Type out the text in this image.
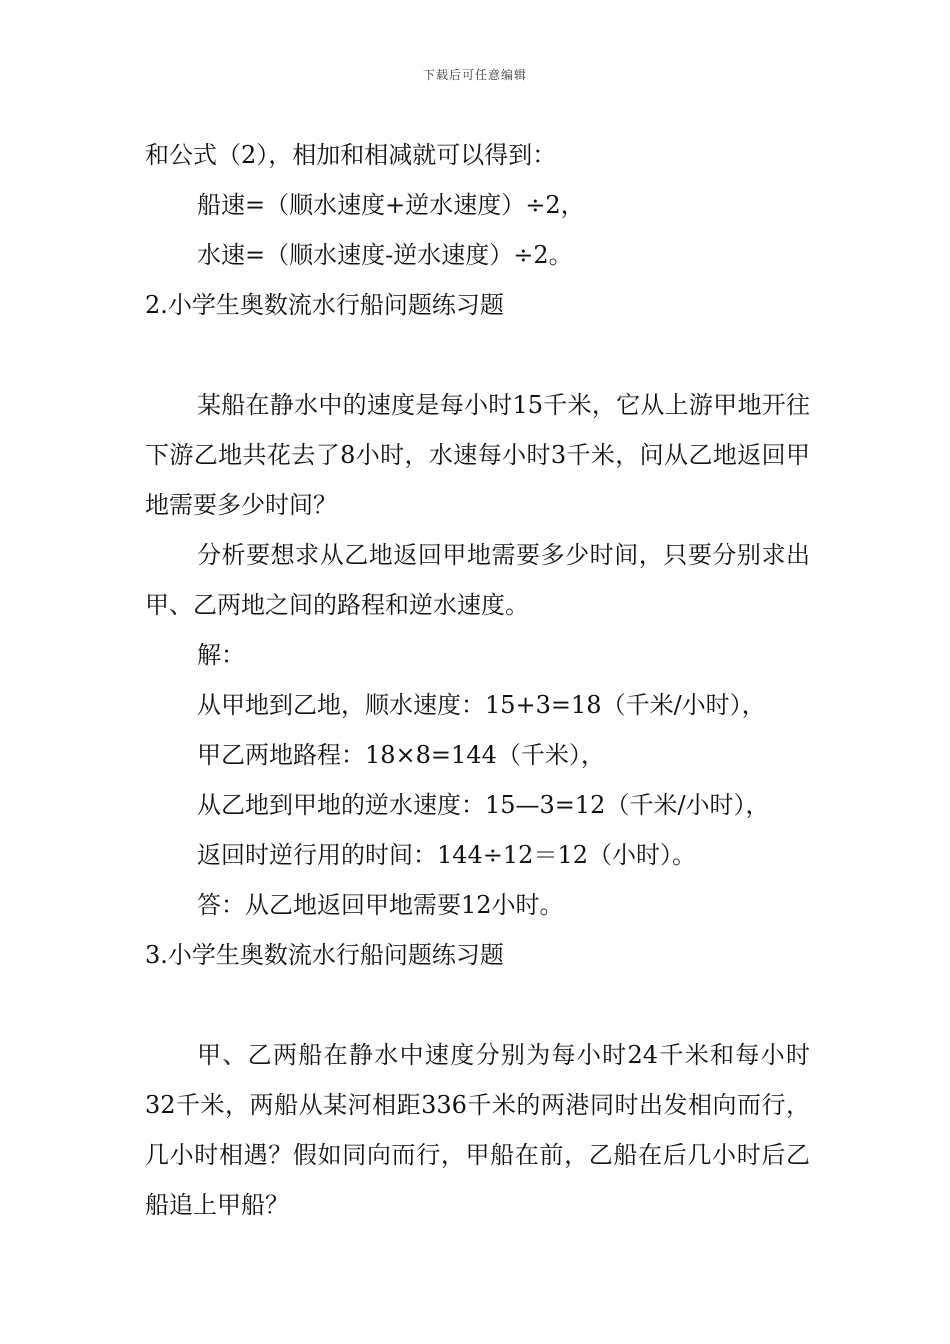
下载后可任意编辑
和公式（2），相加和相减就可以得到：
船速=（顺水速度+逆水速度）÷2，
水速=（顺水速度-逆水速度）÷2。
2.小学生奥数流水行船问题练习题
某船在静水中的速度是每小时15千米，它从上游甲地开往下游乙地共花去了8小时，水速每小时3千米，问从乙地返回甲地需要多少时间？
分析要想求从乙地返回甲地需要多少时间，只要分别求出甲、乙两地之间的路程和逆水速度。
解：
从甲地到乙地，顺水速度：15+3=18（千米/小时），
甲乙两地路程：18×8=144（千米），
从乙地到甲地的逆水速度：15—3=12（千米/小时），
返回时逆行用的时间：144÷12＝12（小时）。
答：从乙地返回甲地需要12小时。
3.小学生奥数流水行船问题练习题
甲、乙两船在静水中速度分别为每小时24千米和每小时32千米，两船从某河相距336千米的两港同时出发相向而行，几小时相遇？假如同向而行，甲船在前，乙船在后几小时后乙船追上甲船？
